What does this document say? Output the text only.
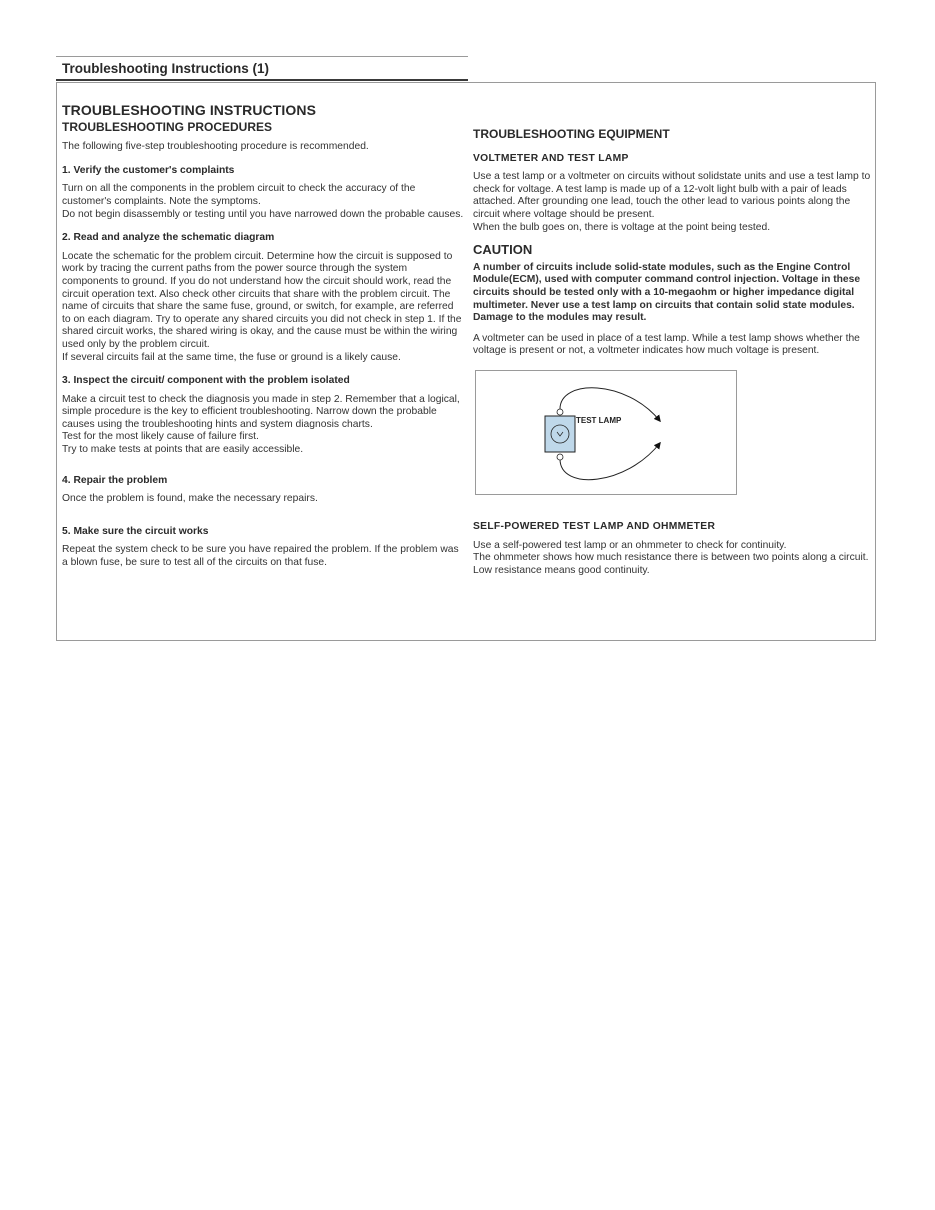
Troubleshooting Instructions (1)
TROUBLESHOOTING INSTRUCTIONS
TROUBLESHOOTING PROCEDURES

The following five-step troubleshooting procedure is recommended.

1. Verify the customer's complaints

Turn on all the components in the problem circuit to check the accuracy of the customer's complaints. Note the symptoms.

Do not begin disassembly or testing until you have narrowed down the probable causes.

2. Read and analyze the schematic diagram

Locate the schematic for the problem circuit. Determine how the circuit is supposed to work by tracing the current paths from the power source through the system components to ground. If you do not understand how the circuit should work, read the circuit operation text. Also check other circuits that share with the problem circuit. The name of circuits that share the same fuse, ground, or switch, for example, are referred to on each diagram. Try to operate any shared circuits you did not check in step 1. If the shared circuit works, the shared wiring is okay, and the cause must be within the wiring used only by the problem circuit.

If several circuits fail at the same time, the fuse or ground is a likely cause.

3. Inspect the circuit/ component with the problem isolated

Make a circuit test to check the diagnosis you made in step 2. Remember that a logical, simple procedure is the key to efficient troubleshooting. Narrow down the probable causes using the troubleshooting hints and system diagnosis charts.

Test for the most likely cause of failure first.

Try to make tests at points that are easily accessible.

4. Repair the problem

Once the problem is found, make the necessary repairs.

5. Make sure the circuit works

Repeat the system check to be sure you have repaired the problem. If the problem was a blown fuse, be sure to test all of the circuits on that fuse.

TROUBLESHOOTING EQUIPMENT
VOLTMETER AND TEST LAMP

Use a test lamp or a voltmeter on circuits without solidstate units and use a test lamp to check for voltage. A test lamp is made up of a 12-volt light bulb with a pair of leads attached. After grounding one lead, touch the other lead to various points along the circuit where voltage should be present.

When the bulb goes on, there is voltage at the point being tested.

CAUTION

A number of circuits include solid-state modules, such as the Engine Control Module(ECM), used with computer command control injection. Voltage in these circuits should be tested only with a 10-megaohm or higher impedance digital multimeter. Never use a test lamp on circuits that contain solid state modules. Damage to the modules may result.

A voltmeter can be used in place of a test lamp. While a test lamp shows whether the voltage is present or not, a voltmeter indicates how much voltage is present.

TEST LAMP
SELF-POWERED TEST LAMP AND OHMMETER

Use a self-powered test lamp or an ohmmeter to check for continuity.

The ohmmeter shows how much resistance there is between two points along a circuit. Low resistance means good continuity.
